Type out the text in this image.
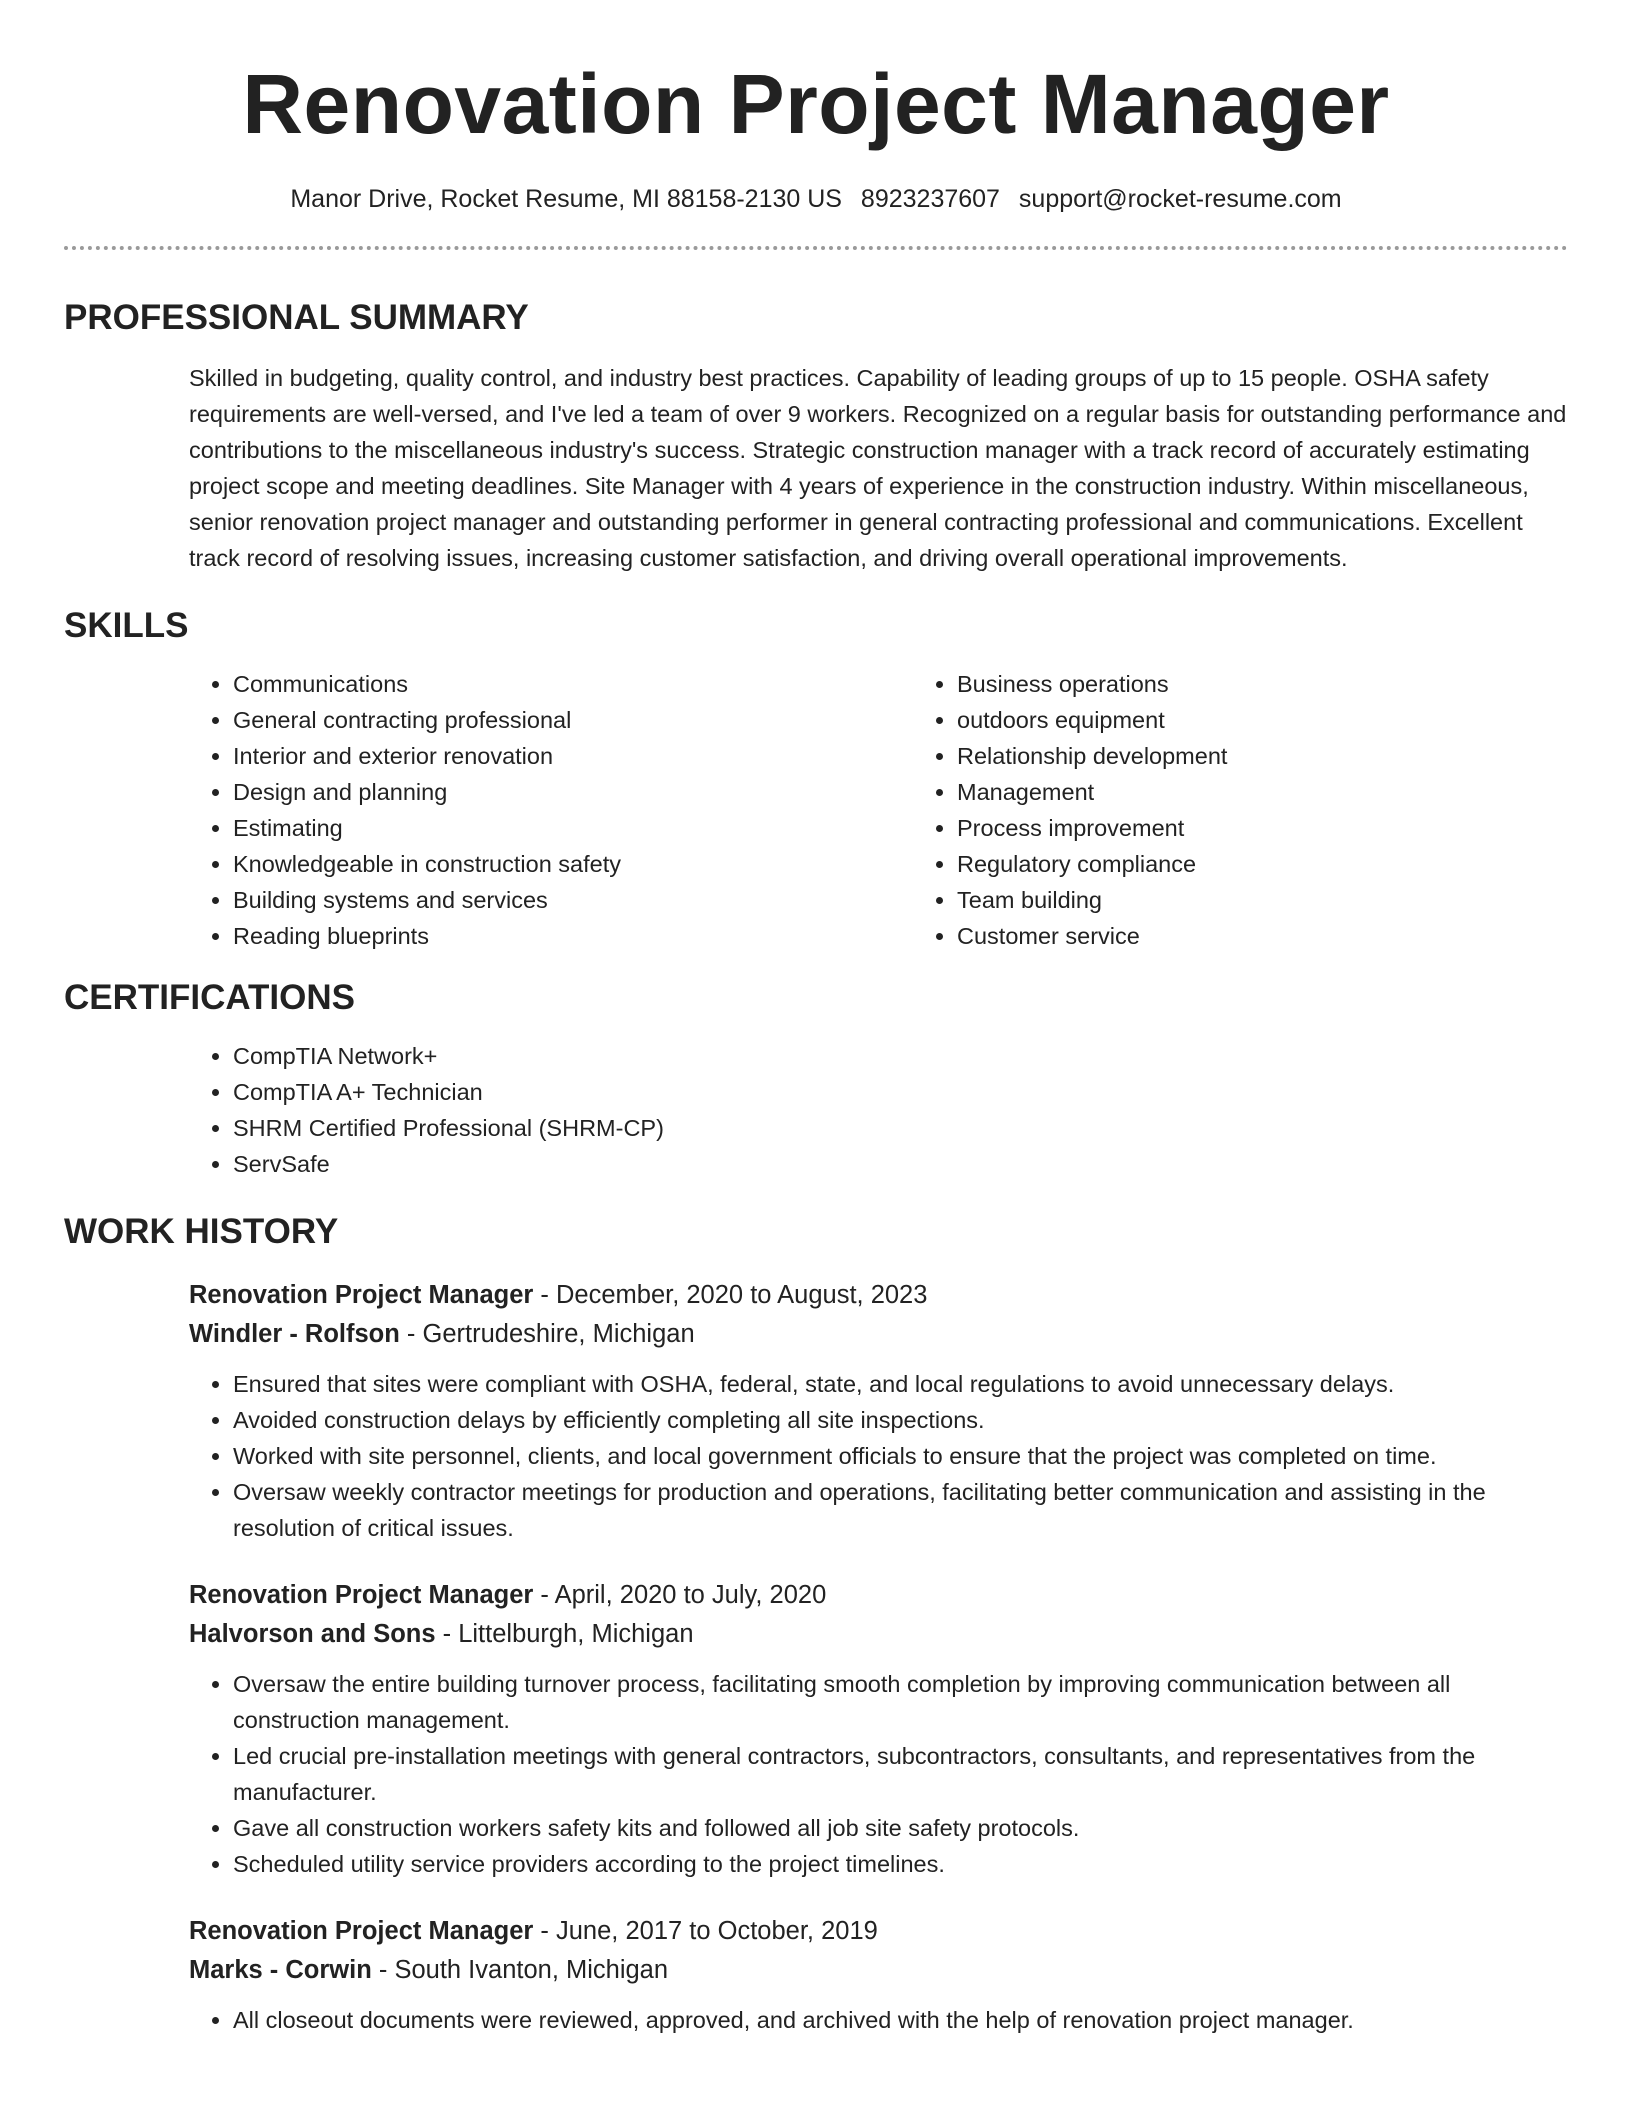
Renovation Project Manager
Manor Drive, Rocket Resume, MI 88158-2130 US 8923237607 support@rocket-resume.com
PROFESSIONAL SUMMARY

Skilled in budgeting, quality control, and industry best practices. Capability of leading groups of up to 15 people. OSHA safety requirements are well-versed, and I've led a team of over 9 workers. Recognized on a regular basis for outstanding performance and contributions to the miscellaneous industry's success. Strategic construction manager with a track record of accurately estimating project scope and meeting deadlines. Site Manager with 4 years of experience in the construction industry. Within miscellaneous, senior renovation project manager and outstanding performer in general contracting professional and communications. Excellent track record of resolving issues, increasing customer satisfaction, and driving overall operational improvements.

SKILLS
• Communications
• General contracting professional
• Interior and exterior renovation
• Design and planning
• Estimating
• Knowledgeable in construction safety
• Building systems and services
• Reading blueprints
• Business operations
• outdoors equipment
• Relationship development
• Management
• Process improvement
• Regulatory compliance
• Team building
• Customer service
CERTIFICATIONS
• CompTIA Network+
• CompTIA A+ Technician
• SHRM Certified Professional (SHRM-CP)
• ServSafe
WORK HISTORY
Renovation Project Manager - December, 2020 to August, 2023
Windler - Rolfson - Gertrudeshire, Michigan
• Ensured that sites were compliant with OSHA, federal, state, and local regulations to avoid unnecessary delays.
• Avoided construction delays by efficiently completing all site inspections.
• Worked with site personnel, clients, and local government officials to ensure that the project was completed on time.
• Oversaw weekly contractor meetings for production and operations, facilitating better communication and assisting in the resolution of critical issues.
Renovation Project Manager - April, 2020 to July, 2020
Halvorson and Sons - Littelburgh, Michigan
• Oversaw the entire building turnover process, facilitating smooth completion by improving communication between all construction management.
• Led crucial pre-installation meetings with general contractors, subcontractors, consultants, and representatives from the manufacturer.
• Gave all construction workers safety kits and followed all job site safety protocols.
• Scheduled utility service providers according to the project timelines.
Renovation Project Manager - June, 2017 to October, 2019
Marks - Corwin - South Ivanton, Michigan
• All closeout documents were reviewed, approved, and archived with the help of renovation project manager.
